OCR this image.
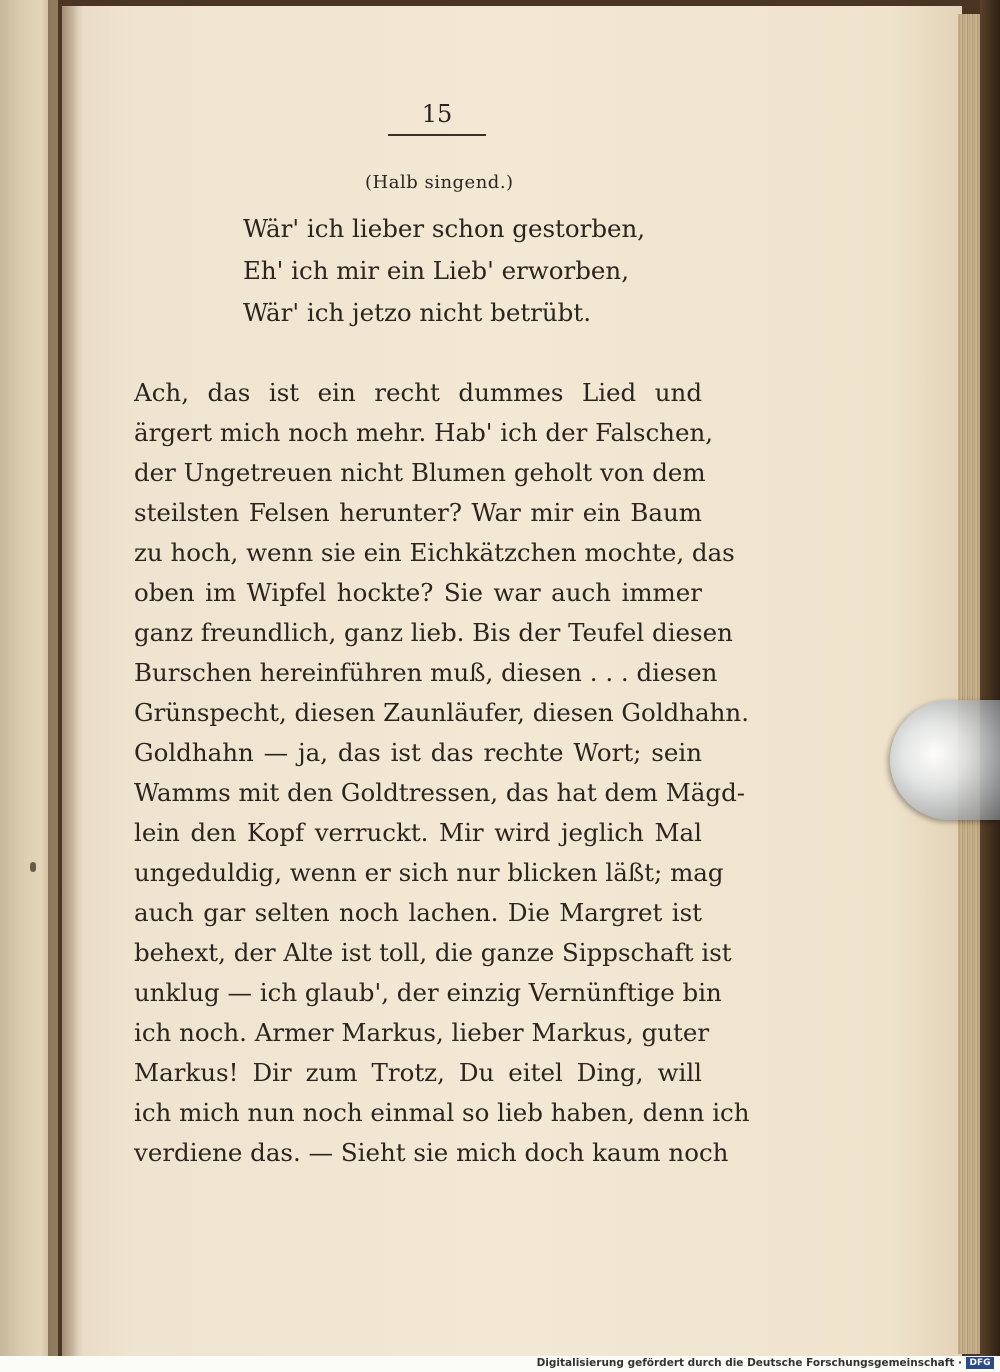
15
(Halb singend.)
Wär' ich lieber schon gestorben,
Eh' ich mir ein Lieb' erworben,
Wär' ich jetzo nicht betrübt.
Ach, das ist ein recht dummes Lied und
ärgert mich noch mehr. Hab' ich der Falschen,
der Ungetreuen nicht Blumen geholt von dem
steilsten Felsen herunter? War mir ein Baum
zu hoch, wenn sie ein Eichkätzchen mochte, das
oben im Wipfel hockte? Sie war auch immer
ganz freundlich, ganz lieb. Bis der Teufel diesen
Burschen hereinführen muß, diesen . . . diesen
Grünspecht, diesen Zaunläufer, diesen Goldhahn.
Goldhahn — ja, das ist das rechte Wort; sein
Wamms mit den Goldtressen, das hat dem Mägd-
lein den Kopf verruckt. Mir wird jeglich Mal
ungeduldig, wenn er sich nur blicken läßt; mag
auch gar selten noch lachen. Die Margret ist
behext, der Alte ist toll, die ganze Sippschaft ist
unklug — ich glaub', der einzig Vernünftige bin
ich noch. Armer Markus, lieber Markus, guter
Markus! Dir zum Trotz, Du eitel Ding, will
ich mich nun noch einmal so lieb haben, denn ich
verdiene das. — Sieht sie mich doch kaum noch
Digitalisierung gefördert durch die Deutsche Forschungsgemeinschaft · DFG
